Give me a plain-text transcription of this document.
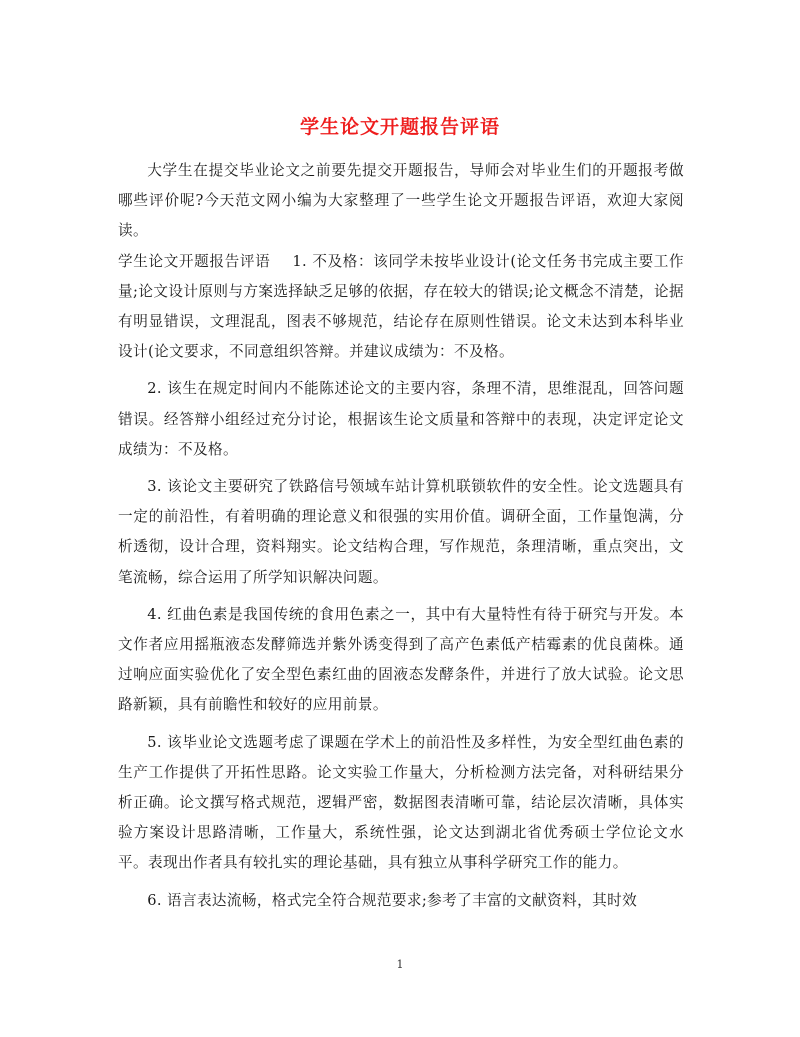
学生论文开题报告评语

大学生在提交毕业论文之前要先提交开题报告，导师会对毕业生们的开题报考做哪些评价呢?今天范文网小编为大家整理了一些学生论文开题报告评语，欢迎大家阅读。

学生论文开题报告评语 1. 不及格：该同学未按毕业设计(论文任务书完成主要工作量;论文设计原则与方案选择缺乏足够的依据，存在较大的错误;论文概念不清楚，论据有明显错误，文理混乱，图表不够规范，结论存在原则性错误。论文未达到本科毕业设计(论文要求，不同意组织答辩。并建议成绩为：不及格。

2. 该生在规定时间内不能陈述论文的主要内容，条理不清，思维混乱，回答问题错误。经答辩小组经过充分讨论，根据该生论文质量和答辩中的表现，决定评定论文成绩为：不及格。

3. 该论文主要研究了铁路信号领域车站计算机联锁软件的安全性。论文选题具有一定的前沿性，有着明确的理论意义和很强的实用价值。调研全面，工作量饱满，分析透彻，设计合理，资料翔实。论文结构合理，写作规范，条理清晰，重点突出，文笔流畅，综合运用了所学知识解决问题。

4. 红曲色素是我国传统的食用色素之一，其中有大量特性有待于研究与开发。本文作者应用摇瓶液态发酵筛选并紫外诱变得到了高产色素低产桔霉素的优良菌株。通过响应面实验优化了安全型色素红曲的固液态发酵条件，并进行了放大试验。论文思路新颖，具有前瞻性和较好的应用前景。

5. 该毕业论文选题考虑了课题在学术上的前沿性及多样性，为安全型红曲色素的生产工作提供了开拓性思路。论文实验工作量大，分析检测方法完备，对科研结果分析正确。论文撰写格式规范，逻辑严密，数据图表清晰可靠，结论层次清晰，具体实验方案设计思路清晰，工作量大，系统性强，论文达到湖北省优秀硕士学位论文水平。表现出作者具有较扎实的理论基础，具有独立从事科学研究工作的能力。

6. 语言表达流畅，格式完全符合规范要求;参考了丰富的文献资料，其时效

1
